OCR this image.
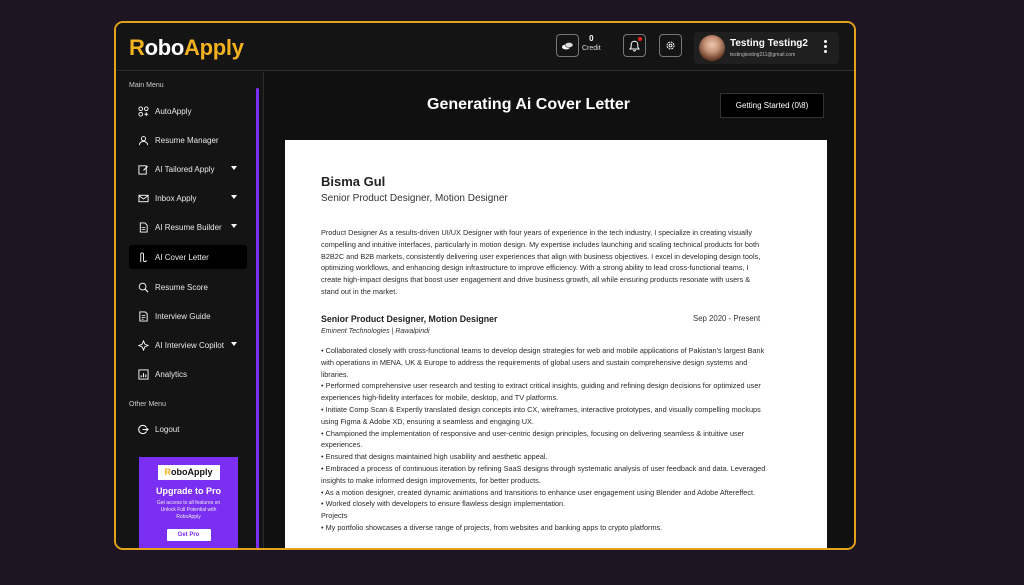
RoboApply	0
Credit	Testing Testing2
testingtesting211@gmail.com
Main Menu
AutoApply
Resume Manager
AI Tailored Apply
Inbox Apply
AI Resume Builder
AI Cover Letter
Resume Score
Interview Guide
AI Interview Copilot
Analytics
Other Menu
Logout
RoboApply
Upgrade to Pro
Get access to all features on Unlock Full Potential with RoboApply
Get Pro
Generating Ai Cover Letter	Getting Started (0\8)
Bisma Gul
Senior Product Designer, Motion Designer
Product Designer As a results-driven UI/UX Designer with four years of experience in the tech industry, I specialize in creating visually compelling and intuitive interfaces, particularly in motion design. My expertise includes launching and scaling technical products for both B2B2C and B2B markets, consistently delivering user experiences that align with business objectives. I excel in developing design tools, optimizing workflows, and enhancing design infrastructure to improve efficiency. With a strong ability to lead cross-functional teams, I create high-impact designs that boost user engagement and drive business growth, all while ensuring products resonate with users & stand out in the market.
Senior Product Designer, Motion Designer	Sep 2020 - Present
Eminent Technologies | Rawalpindi
• Collaborated closely with cross-functional teams to develop design strategies for web and mobile applications of Pakistan's largest Bank with operations in MENA, UK & Europe to address the requirements of global users and sustain comprehensive design systems and libraries.
• Performed comprehensive user research and testing to extract critical insights, guiding and refining design decisions for optimized user experiences high-fidelity interfaces for mobile, desktop, and TV platforms.
• Initiate Comp Scan & Expertly translated design concepts into CX, wireframes, interactive prototypes, and visually compelling mockups using Figma & Adobe XD, ensuring a seamless and engaging UX.
• Championed the implementation of responsive and user-centric design principles, focusing on delivering seamless & intuitive user experiences.
• Ensured that designs maintained high usability and aesthetic appeal.
• Embraced a process of continuous iteration by refining SaaS designs through systematic analysis of user feedback and data. Leveraged insights to make informed design improvements, for better products.
• As a motion designer, created dynamic animations and transitions to enhance user engagement using Blender and Adobe Aftereffect.
• Worked closely with developers to ensure flawless design implementation.
Projects
• My portfolio showcases a diverse range of projects, from websites and banking apps to crypto platforms.
